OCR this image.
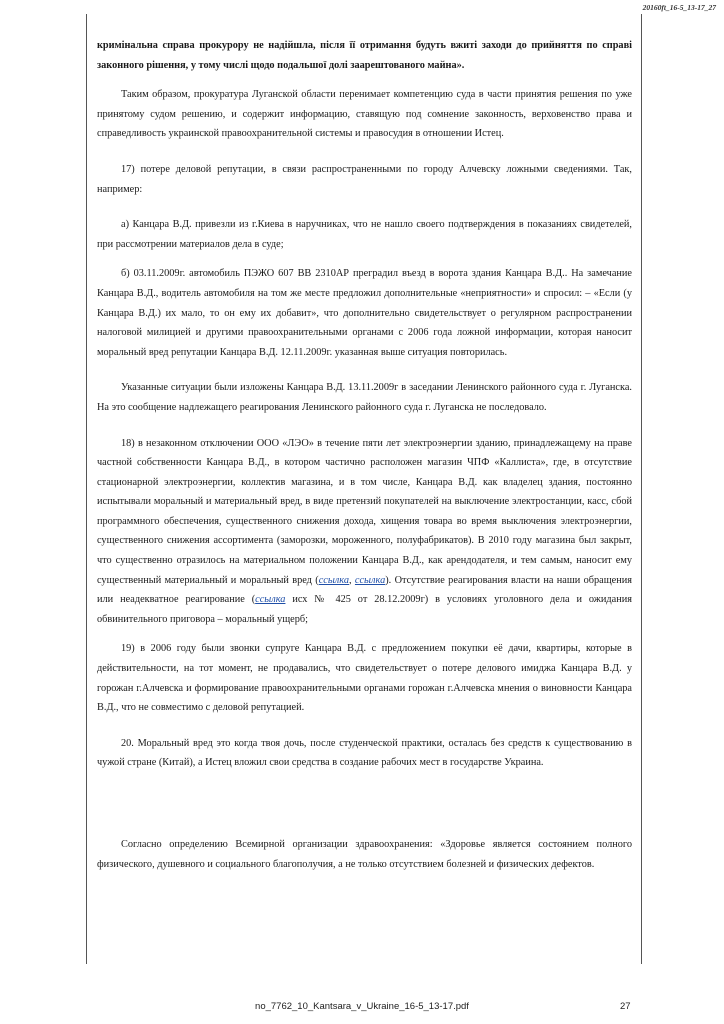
20160ft_16-5_13-17_27

кримінальна справа прокурору не надійшла, після її отримання будуть вжиті заходи до прийняття по справі законного рішення, у тому числі щодо подальшої долі заарештованого майна».

Таким образом, прокуратура Луганской области перенимает компетенцию суда в части принятия решения по уже принятому судом решению, и содержит информацию, ставящую под сомнение законность, верховенство права и справедливость украинской правоохранительной системы и правосудия в отношении Истец.

17) потере деловой репутации, в связи распространенными по городу Алчевску ложными сведениями. Так, например:

а) Канцара В.Д. привезли из г.Киева в наручниках, что не нашло своего подтверждения в показаниях свидетелей, при рассмотрении материалов дела в суде;

б) 03.11.2009г. автомобиль ПЭЖО 607 ВВ 2310АР преградил въезд в ворота здания Канцара В.Д.. На замечание Канцара В.Д., водитель автомобиля на том же месте предложил дополнительные «неприятности» и спросил: – «Если (у Канцара В.Д.) их мало, то он ему их добавит», что дополнительно свидетельствует о регулярном распространении налоговой милицией и другими правоохранительными органами с 2006 года ложной информации, которая наносит моральный вред репутации Канцара В.Д. 12.11.2009г. указанная выше ситуация повторилась.

Указанные ситуации были изложены Канцара В.Д. 13.11.2009г в заседании Ленинского районного суда г. Луганска. На это сообщение надлежащего реагирования Ленинского районного суда г. Луганска не последовало.

18) в незаконном отключении ООО «ЛЭО» в течение пяти лет электроэнергии зданию, принадлежащему на праве частной собственности Канцара В.Д., в котором частично расположен магазин ЧПФ «Каллиста», где, в отсутствие стационарной электроэнергии, коллектив магазина, и в том числе, Канцара В.Д. как владелец здания, постоянно испытывали моральный и материальный вред, в виде претензий покупателей на выключение электростанции, касс, сбой программного обеспечения, существенного снижения дохода, хищения товара во время выключения электроэнергии, существенного снижения ассортимента (заморозки, мороженного, полуфабрикатов). В 2010 году магазина был закрыт, что существенно отразилось на материальном положении Канцара В.Д., как арендодателя, и тем самым, наносит ему существенный материальный и моральный вред (ссылка, ссылка). Отсутствие реагирования власти на наши обращения или неадекватное реагирование (ссылка исх № 425 от 28.12.2009г) в условиях уголовного дела и ожидания обвинительного приговора – моральный ущерб;

19) в 2006 году были звонки супруге Канцара В.Д. с предложением покупки её дачи, квартиры, которые в действительности, на тот момент, не продавались, что свидетельствует о потере делового имиджа Канцара В.Д. у горожан г.Алчевска и формирование правоохранительными органами горожан г.Алчевска мнения о виновности Канцара В.Д., что не совместимо с деловой репутацией.

20. Моральный вред это когда твоя дочь, после студенческой практики, осталась без средств к существованию в чужой стране (Китай), а Истец вложил свои средства в создание рабочих мест в государстве Украина.

Согласно определению Всемирной организации здравоохранения: «Здоровье является состоянием полного физического, душевного и социального благополучия, а не только отсутствием болезней и физических дефектов.

no_7762_10_Kantsara_v_Ukraine_16-5_13-17.pdf	27
